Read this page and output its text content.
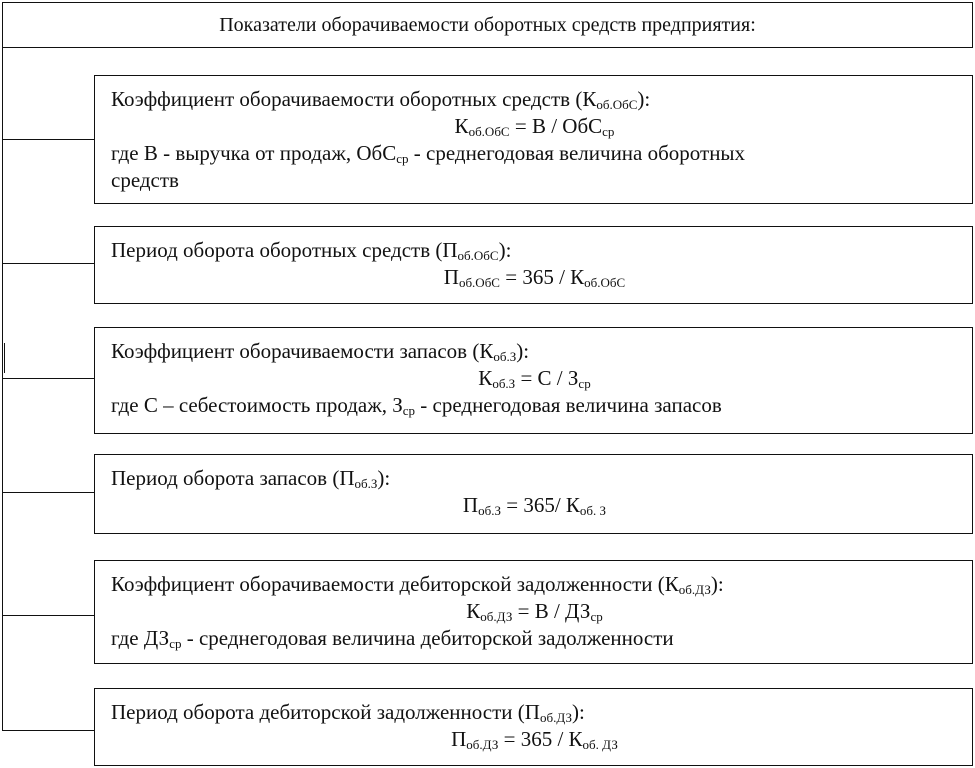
Показатели оборачиваемости оборотных средств предприятия:
Коэффициент оборачиваемости оборотных средств $(К_{об.ОбС})$:
$К_{об.ОбС} = В / ОбС_{ср}$
где В - выручка от продаж, ОбС$_{ср}$ - среднегодовая величина оборотных
средств
Период оборота оборотных средств $(П_{об.ОбС})$:
$П_{об.ОбС} = 365 / К_{об.ОбС}$
Коэффициент оборачиваемости запасов $(К_{об.З})$:
$К_{об.З} = С / З_{ср}$
где С – себестоимость продаж, $З_{ср}$ - среднегодовая величина запасов
Период оборота запасов $(П_{об.З})$:
$П_{об.З} = 365/$ $К_{об. З}$
Коэффициент оборачиваемости дебиторской задолженности $(К_{об.ДЗ})$:
$К_{об.ДЗ} = В / ДЗ_{ср}$
где $ДЗ_{ср}$ - среднегодовая величина дебиторской задолженности
Период оборота дебиторской задолженности $(П_{об.ДЗ})$:
$П_{об.ДЗ} = 365 / К_{об. ДЗ}$
